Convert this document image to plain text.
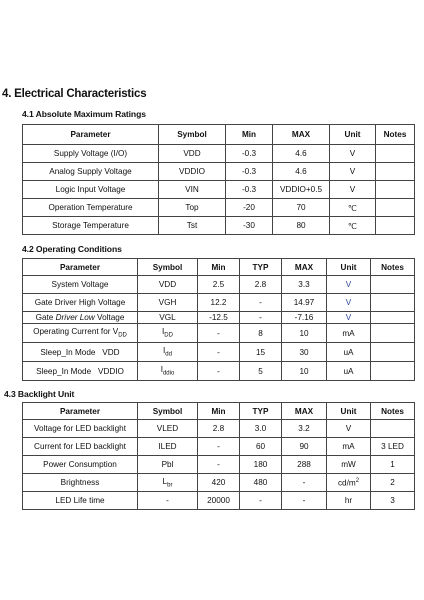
4. Electrical Characteristics
4.1 Absolute Maximum Ratings
Parameter	Symbol	Min	MAX	Unit	Notes
Supply Voltage (I/O)	VDD	-0.3	4.6	V	
Analog Supply Voltage	VDDIO	-0.3	4.6	V	
Logic Input Voltage	VIN	-0.3	VDDIO+0.5	V	
Operation Temperature	Top	-20	70	℃	
Storage Temperature	Tst	-30	80	℃	
4.2 Operating Conditions
Parameter	Symbol	Min	TYP	MAX	Unit	Notes
System Voltage	VDD	2.5	2.8	3.3	V	
Gate Driver High Voltage	VGH	12.2	-	14.97	V	
Gate Driver Low Voltage	VGL	-12.5	-	-7.16	V	
Operating Current for $V_{DD}$	$I_{DD}$	-	8	10	mA	
Sleep_In Mode   VDD	$I_{dd}$	-	15	30	uA	
Sleep_In Mode   VDDIO	$I_{ddio}$	-	5	10	uA	
4.3 Backlight Unit
Parameter	Symbol	Min	TYP	MAX	Unit	Notes
Voltage for LED backlight	VLED	2.8	3.0	3.2	V	
Current for LED backlight	ILED	-	60	90	mA	3 LED
Power Consumption	Pbl	-	180	288	mW	1
Brightness	$L_{br}$	420	480	-	$cd/m^2$	2
LED Life time	-	20000	-	-	hr	3
